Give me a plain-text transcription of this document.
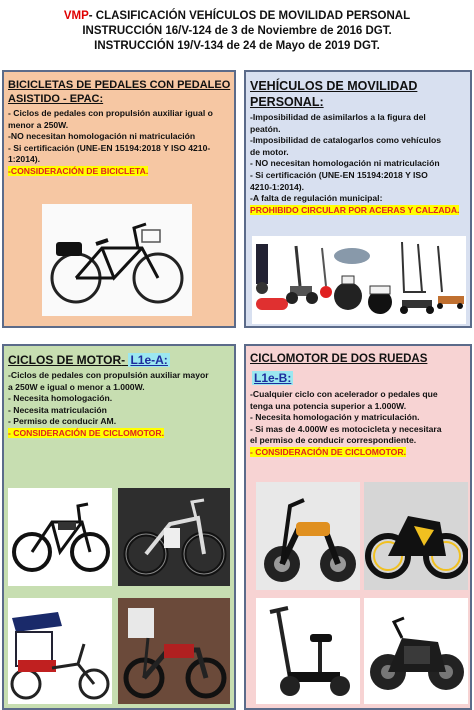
VMP- CLASIFICACIÓN VEHÍCULOS DE MOVILIDAD PERSONAL
INSTRUCCIÓN 16/V-124 de 3 de Noviembre de 2016 DGT.
INSTRUCCIÓN 19/V-134 de 24 de Mayo de 2019 DGT.
BICICLETAS DE PEDALES CON PEDALEO
ASISTIDO - EPAC:
- Ciclos de pedales con propulsión auxiliar igual o
menor a 250W.
-NO necesitan homologación ni matriculación
- Si certificación (UNE-EN 15194:2018 Y ISO 4210-
1:2014).
-CONSIDERACIÓN DE BICICLETA.
VEHÍCULOS DE MOVILIDAD
PERSONAL:
-Imposibilidad de asimilarlos a la figura del
peatón.
-Imposibilidad de catalogarlos como vehículos
de motor.
- NO necesitan homologación ni matriculación
- Si certificación (UNE-EN 15194:2018 Y ISO
4210-1:2014).
-A falta de regulación municipal:
PROHIBIDO CIRCULAR POR ACERAS Y CALZADA.
CICLOS DE MOTOR- L1e-A:
-Ciclos de pedales con propulsión auxiliar mayor
a 250W e igual o menor a 1.000W.
- Necesita homologación.
- Necesita matriculación
- Permiso de conducir AM.
- CONSIDERACIÓN DE CICLOMOTOR.
CICLOMOTOR DE DOS RUEDAS
L1e-B:
-Cualquier ciclo con acelerador o pedales que
tenga una potencia superior a 1.000W.
- Necesita homologación y matriculación.
- Si mas de 4.000W es motocicleta y necesitara
el permiso de conducir correspondiente.
- CONSIDERACIÓN DE CICLOMOTOR.
